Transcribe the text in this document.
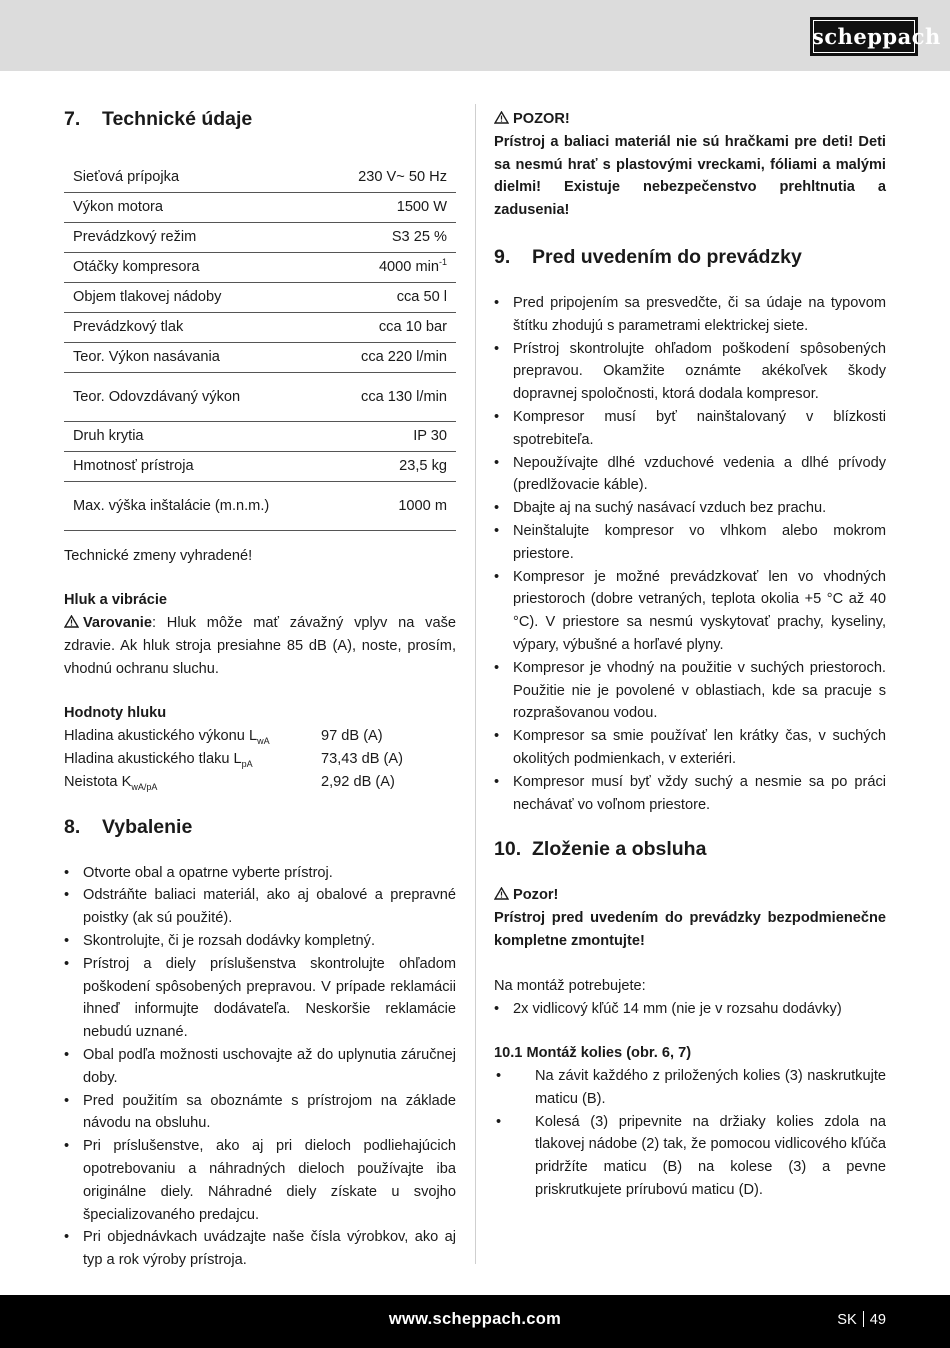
scheppach
7.	Technické údaje
Sieťová prípojka	230 V~ 50 Hz
Výkon motora	1500 W
Prevádzkový režim	S3 25 %
Otáčky kompresora	4000 $\min^{-1}$
Objem tlakovej nádoby	cca 50 l
Prevádzkový tlak	cca 10 bar
Teor. Výkon nasávania	cca 220 l/min
Teor. Odovzdávaný výkon	cca 130 l/min
Druh krytia	IP 30
Hmotnosť prístroja	23,5 kg
Max. výška inštalácie (m.n.m.)	1000 m

Technické zmeny vyhradené!

Hluk a vibrácie

Varovanie: Hluk môže mať závažný vplyv na vaše zdravie. Ak hluk stroja presiahne 85 dB (A), noste, prosím, vhodnú ochranu sluchu.

Hodnoty hluku

Hladina akustického výkonu $L_{wA}$	97 dB (A)
Hladina akustického tlaku $L_{pA}$	73,43 dB (A)
Neistota $K_{wA/pA}$	2,92 dB (A)
8.	Vybalenie
• Otvorte obal a opatrne vyberte prístroj.
• Odstráňte baliaci materiál, ako aj obalové a prepravné poistky (ak sú použité).
• Skontrolujte, či je rozsah dodávky kompletný.
• Prístroj a diely príslušenstva skontrolujte ohľadom poškodení spôsobených prepravou. V prípade reklamácii ihneď informujte dodávateľa. Neskoršie reklamácie nebudú uznané.
• Obal podľa možnosti uschovajte až do uplynutia záručnej doby.
• Pred použitím sa oboznámte s prístrojom na základe návodu na obsluhu.
• Pri príslušenstve, ako aj pri dieloch podliehajúcich opotrebovaniu a náhradných dieloch používajte iba originálne diely. Náhradné diely získate u svojho špecializovaného predajcu.
• Pri objednávkach uvádzajte naše čísla výrobkov, ako aj typ a rok výroby prístroja.

POZOR!

Prístroj a baliaci materiál nie sú hračkami pre deti! Deti sa nesmú hrať s plastovými vreckami, fóliami a malými dielmi! Existuje nebezpečenstvo prehltnutia a zadusenia!

9.	Pred uvedením do prevádzky
• Pred pripojením sa presvedčte, či sa údaje na typovom štítku zhodujú s parametrami elektrickej siete.
• Prístroj skontrolujte ohľadom poškodení spôsobených prepravou. Okamžite oznámte akékoľvek škody dopravnej spoločnosti, ktorá dodala kompresor.
• Kompresor musí byť nainštalovaný v blízkosti spotrebiteľa.
• Nepoužívajte dlhé vzduchové vedenia a dlhé prívody (predlžovacie káble).
• Dbajte aj na suchý nasávací vzduch bez prachu.
• Neinštalujte kompresor vo vlhkom alebo mokrom priestore.
• Kompresor je možné prevádzkovať len vo vhodných priestoroch (dobre vetraných, teplota okolia +5 °C až 40 °C). V priestore sa nesmú vyskytovať prachy, kyseliny, výpary, výbušné a horľavé plyny.
• Kompresor je vhodný na použitie v suchých priestoroch. Použitie nie je povolené v oblastiach, kde sa pracuje s rozprašovanou vodou.
• Kompresor sa smie používať len krátky čas, v suchých okolitých podmienkach, v exteriéri.
• Kompresor musí byť vždy suchý a nesmie sa po práci nechávať vo voľnom priestore.
10. Zloženie a obsluha

Pozor!

Prístroj pred uvedením do prevádzky bezpodmienečne kompletne zmontujte!

Na montáž potrebujete:

• 2x vidlicový kľúč 14 mm (nie je v rozsahu dodávky)

10.1 Montáž kolies (obr. 6, 7)

• Na závit každého z priložených kolies (3) naskrutkujte maticu (B).
• Kolesá (3) pripevnite na držiaky kolies zdola na tlakovej nádobe (2) tak, že pomocou vidlicového kľúča pridržíte maticu (B) na kolese (3) a pevne priskrutkujete prírubovú maticu (D).
www.scheppach.com	SK 49
